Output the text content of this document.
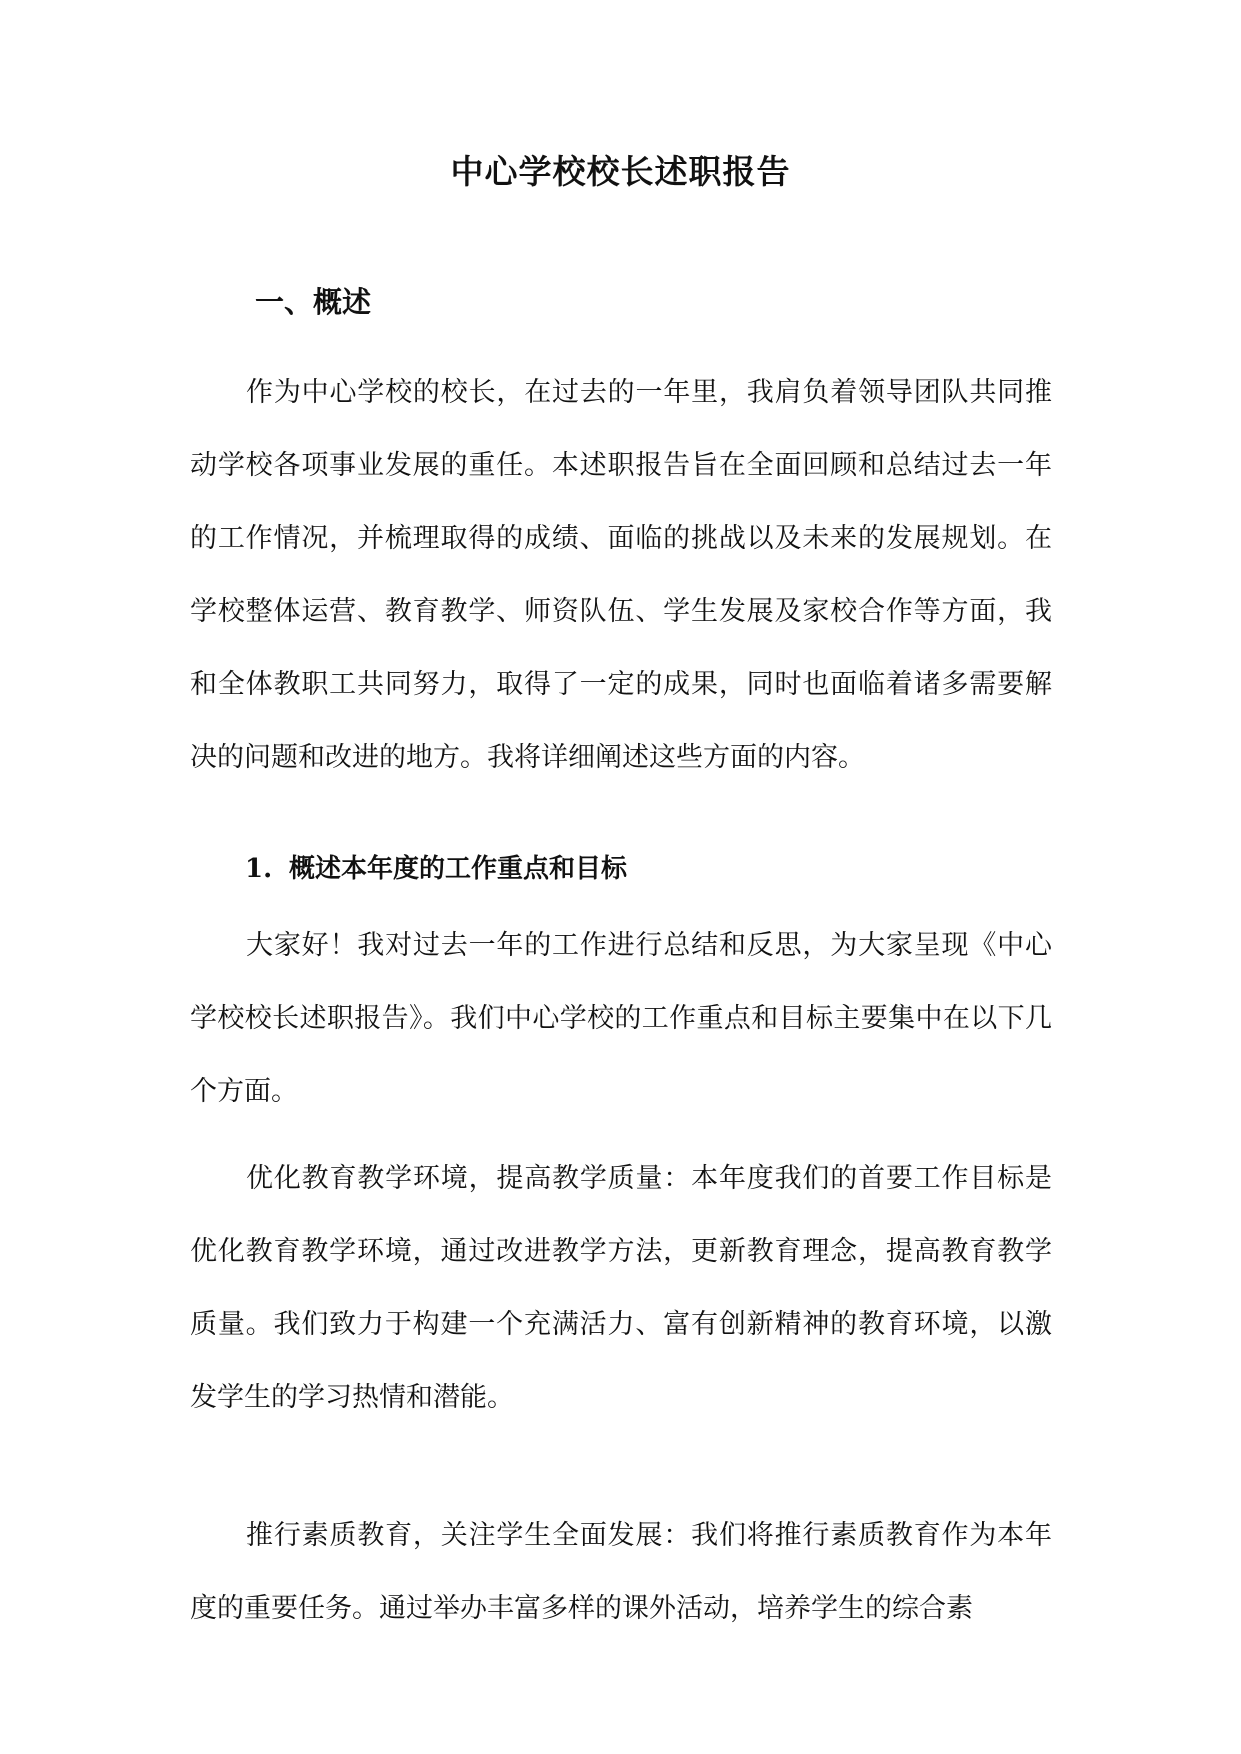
中心学校校长述职报告
一、概述

作为中心学校的校长，在过去的一年里，我肩负着领导团队共同推动学校各项事业发展的重任。本述职报告旨在全面回顾和总结过去一年的工作情况，并梳理取得的成绩、面临的挑战以及未来的发展规划。在学校整体运营、教育教学、师资队伍、学生发展及家校合作等方面，我和全体教职工共同努力，取得了一定的成果，同时也面临着诸多需要解决的问题和改进的地方。我将详细阐述这些方面的内容。

1. 概述本年度的工作重点和目标

大家好！我对过去一年的工作进行总结和反思，为大家呈现《中心学校校长述职报告》。我们中心学校的工作重点和目标主要集中在以下几个方面。

优化教育教学环境，提高教学质量：本年度我们的首要工作目标是优化教育教学环境，通过改进教学方法，更新教育理念，提高教育教学质量。我们致力于构建一个充满活力、富有创新精神的教育环境，以激发学生的学习热情和潜能。

推行素质教育，关注学生全面发展：我们将推行素质教育作为本年度的重要任务。通过举办丰富多样的课外活动，培养学生的综合素
